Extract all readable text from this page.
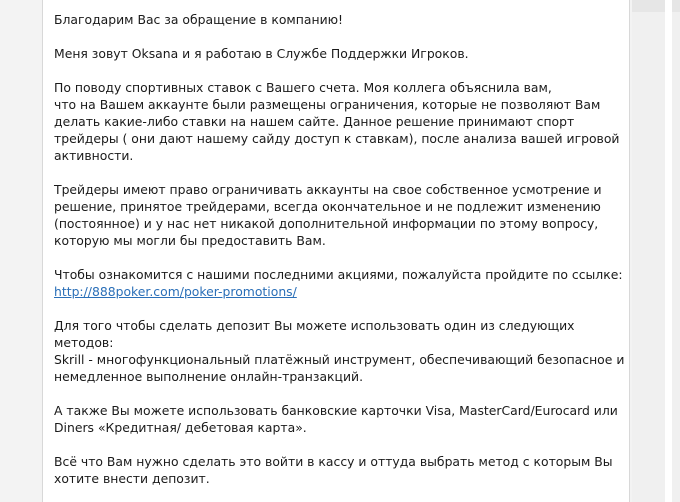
Благодарим Вас за обращение в компанию!

Меня зовут Oksana и я работаю в Службе Поддержки Игроков.

По поводу спортивных ставок с Вашего счета. Моя коллега объяснила вам,

что на Вашем аккаунте были размещены ограничения, которые не позволяют Вам

делать какие-либо ставки на нашем сайте. Данное решение принимают спорт

трейдеры ( они дают нашему сайду доступ к ставкам), после анализа вашей игровой

активности.

Трейдеры имеют право ограничивать аккаунты на свое собственное усмотрение и

решение, принятое трейдерами, всегда окончательное и не подлежит изменению

(постоянное) и у нас нет никакой дополнительной информации по этому вопросу,

которую мы могли бы предоставить Вам.

Чтобы ознакомится с нашими последними акциями, пожалуйста пройдите по ссылке:

http://888poker.com/poker-promotions/

Для того чтобы сделать депозит Вы можете использовать один из следующих

методов:

Skrill - многофункциональный платёжный инструмент, обеспечивающий безопасное и

немедленное выполнение онлайн-транзакций.

А также Вы можете использовать банковские карточки Visa, MasterCard/Eurocard или

Diners «Кредитная/ дебетовая карта».

Всё что Вам нужно сделать это войти в кассу и оттуда выбрать метод с которым Вы

хотите внести депозит.
